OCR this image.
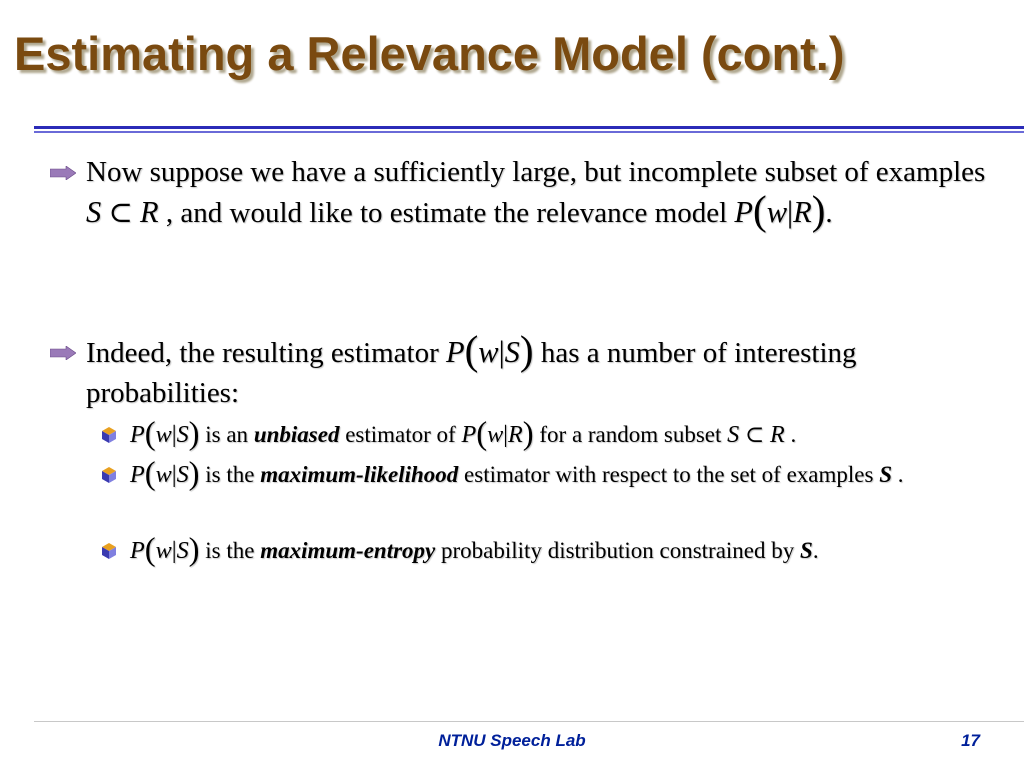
Estimating a Relevance Model (cont.)
Now suppose we have a sufficiently large, but incomplete subset of examples S ⊂ R , and would like to estimate the relevance model P(w|R).
Indeed, the resulting estimator P(w|S) has a number of interesting probabilities:
P(w|S) is an unbiased estimator of P(w|R) for a random subset S ⊂ R .
P(w|S) is the maximum-likelihood estimator with respect to the set of examples S .
P(w|S) is the maximum-entropy probability distribution constrained by S.
NTNU Speech Lab	17
